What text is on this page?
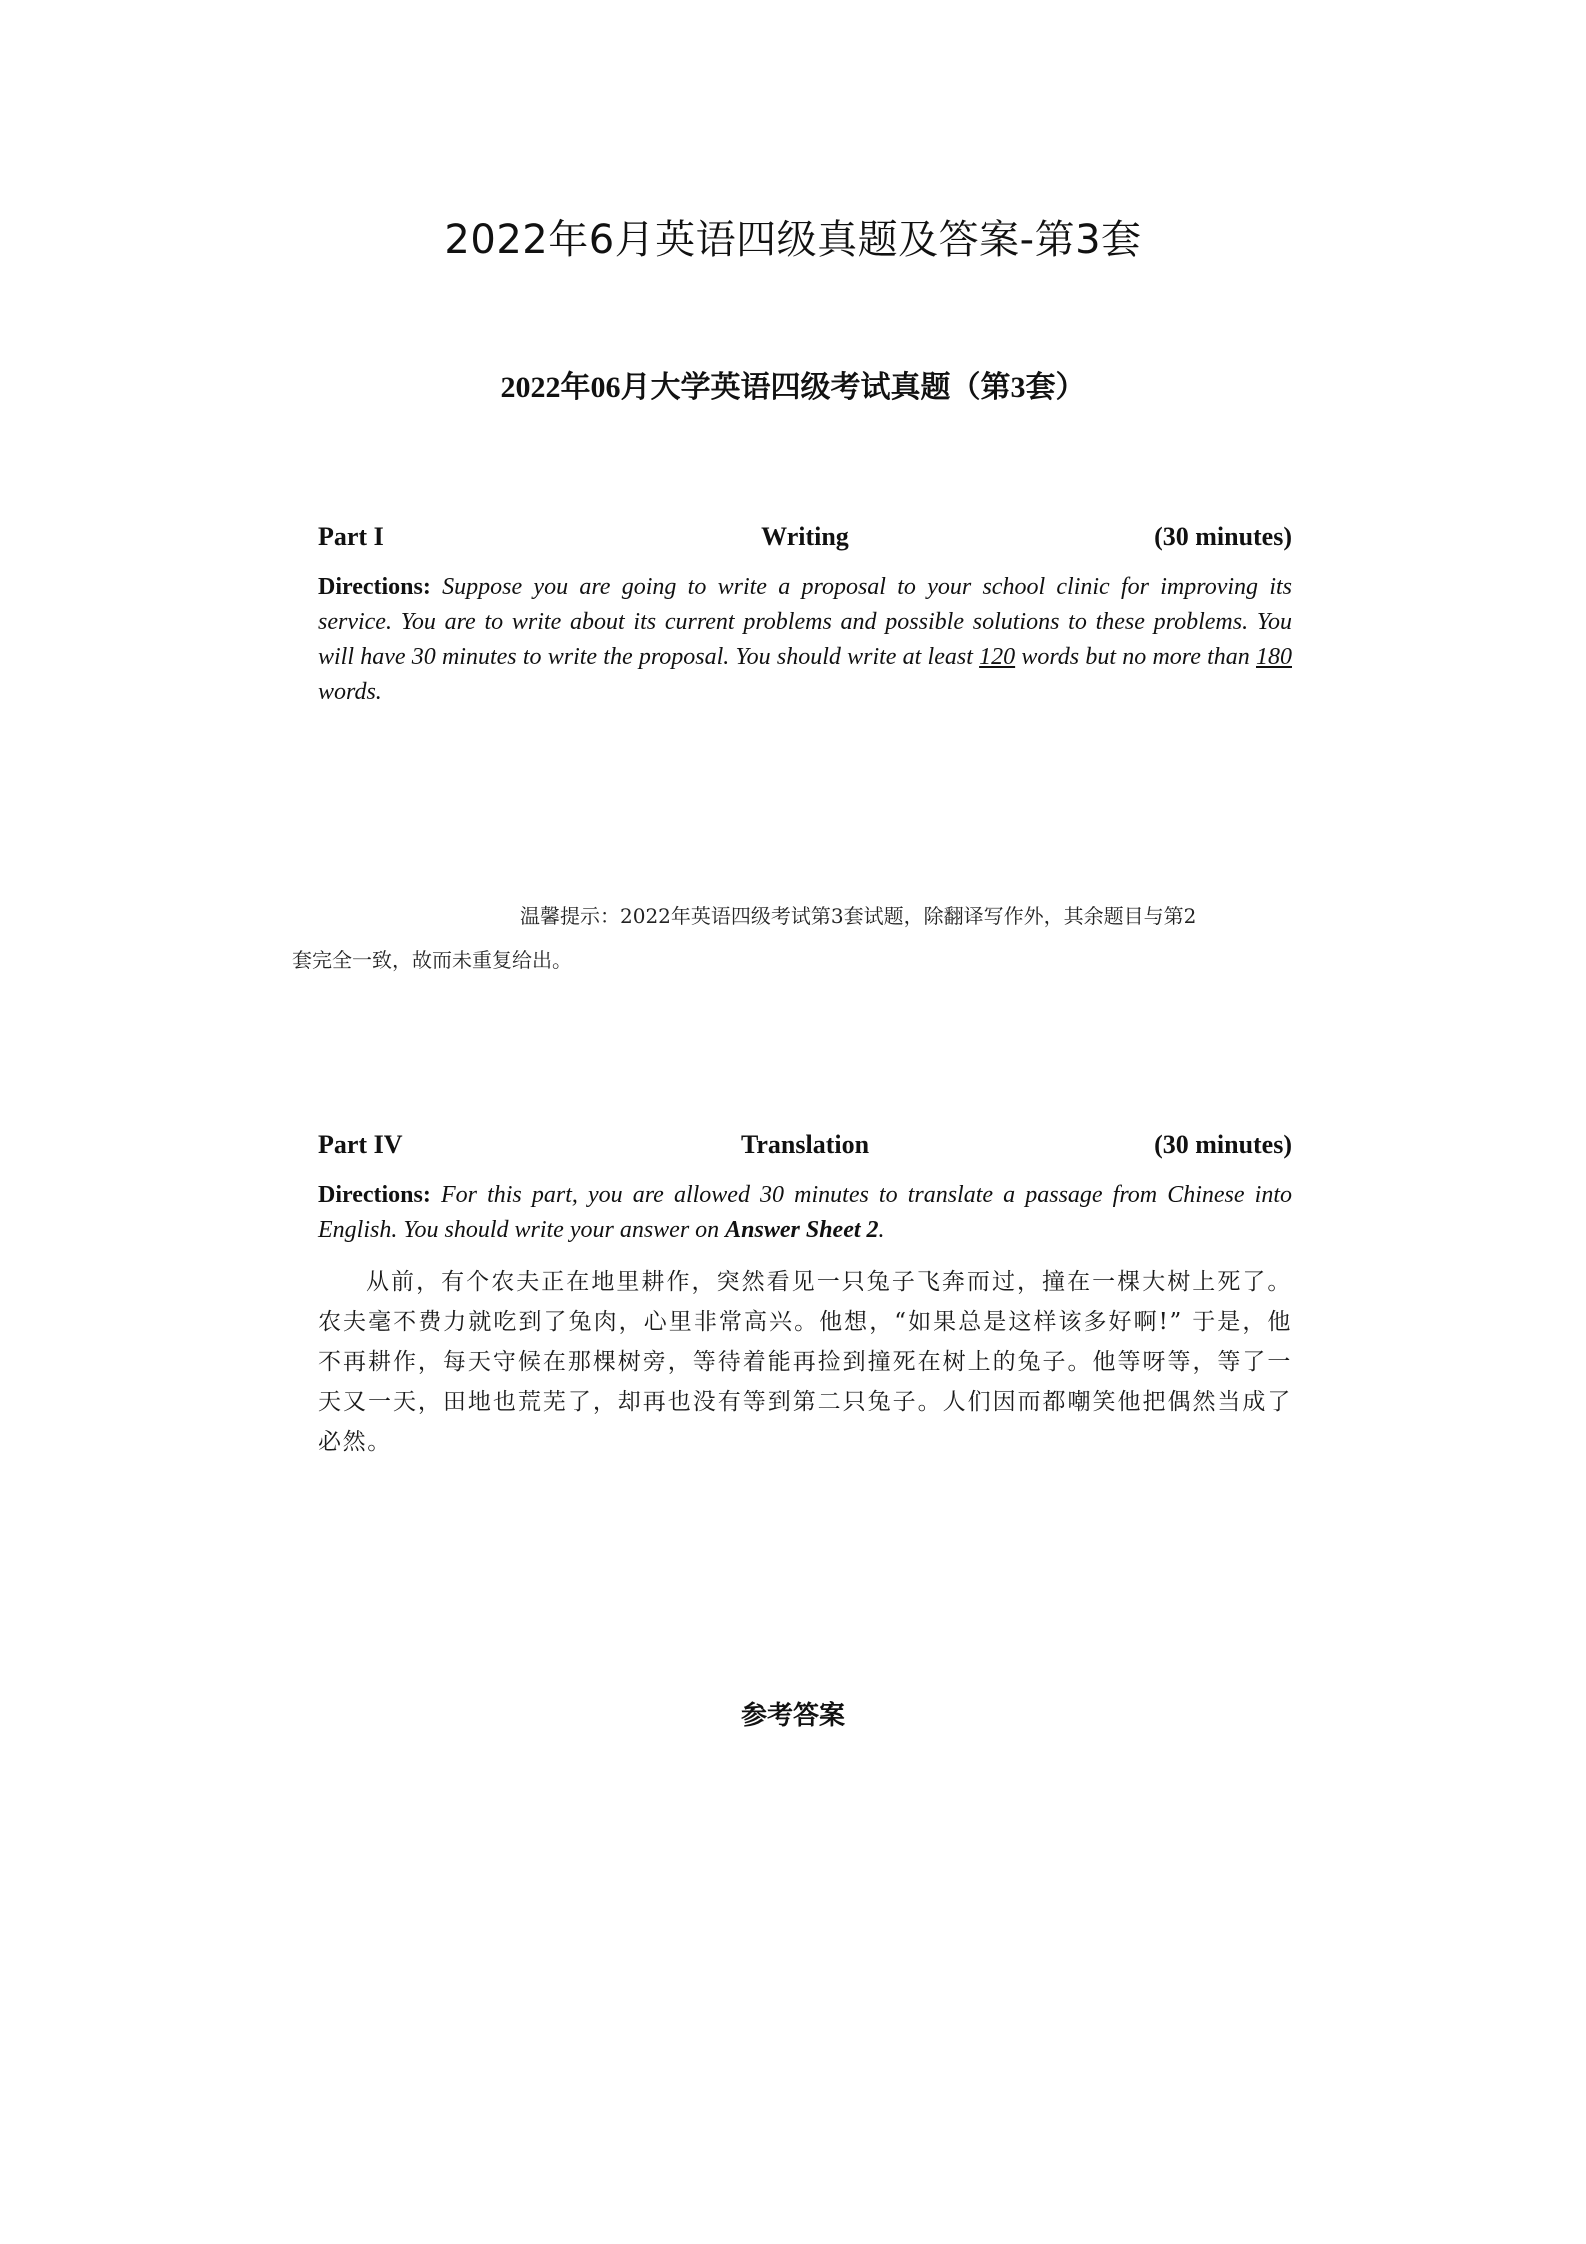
2022年6月英语四级真题及答案-第3套
2022年06月大学英语四级考试真题（第3套）
Writing
Part I	(30 minutes)

Directions: Suppose you are going to write a proposal to your school clinic for improving its service. You are to write about its current problems and possible solutions to these problems. You will have 30 minutes to write the proposal. You should write at least 120 words but no more than 180 words.

温馨提示：2022年英语四级考试第3套试题，除翻译写作外，其余题目与第2
套完全一致，故而未重复给出。

Translation
Part IV	(30 minutes)

Directions: For this part, you are allowed 30 minutes to translate a passage from Chinese into English. You should write your answer on Answer Sheet 2.

从前，有个农夫正在地里耕作，突然看见一只兔子飞奔而过，撞在一棵大树上死了。农夫毫不费力就吃到了兔肉，心里非常高兴。他想，“如果总是这样该多好啊!” 于是，他不再耕作，每天守候在那棵树旁，等待着能再捡到撞死在树上的兔子。他等呀等，等了一天又一天，田地也荒芜了，却再也没有等到第二只兔子。人们因而都嘲笑他把偶然当成了必然。

参考答案
